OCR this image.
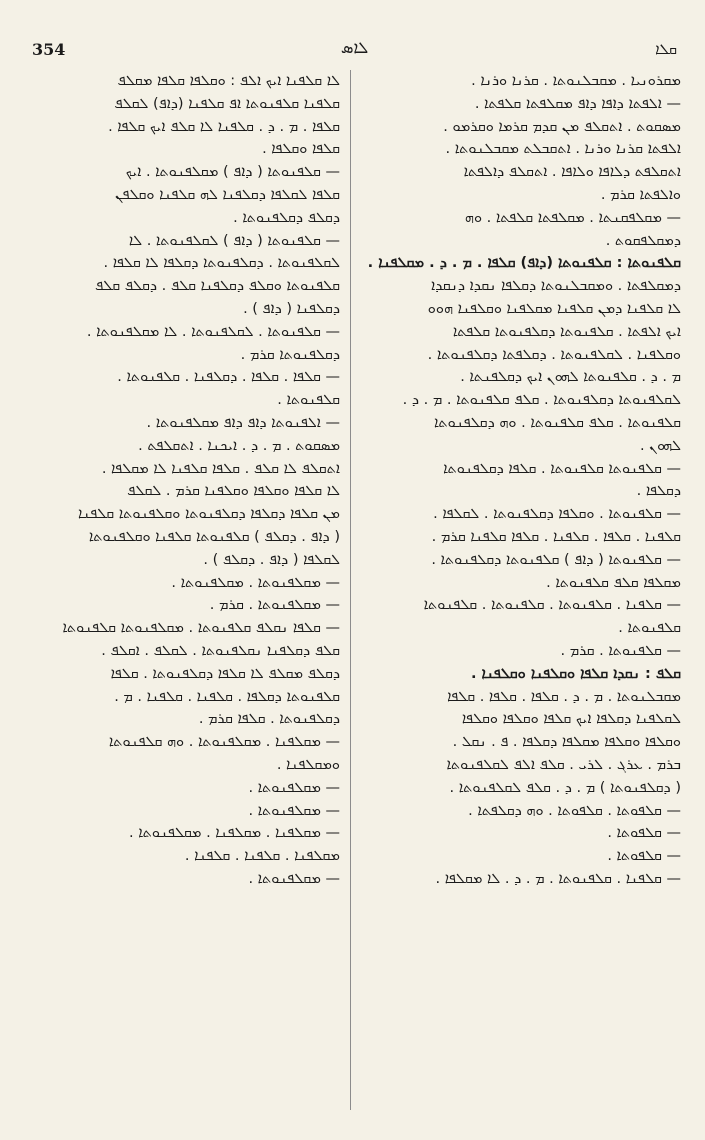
354	ܠܐܣ	ܩܠܐ
ܡܩܪܘܢܝܐ . ܡܩܒܠܢܘܬܐ . ܩܪܢܐ ܘܪܢܐ .
— ܐܠܦܬܐ ܕܐܦܐ ܕܐܦ ܡܩܠܦܬܐ ܩܠܦܬܐ .
ܡܣܩܘܬ . ܐܬܩܠܦ ܡܢ ܩܕܡ ܩܪܡܐ ܘܩܪܡܘ .
ܐܠܦܬܐ ܩܪܢܐ ܘܪܢܐ . ܐܬܩܒܠܬ ܡܩܒܠܢܘܬܐ .
ܐܬܩܠܦܬ ܕܠܐܦܐ ܘܠܐܦܐ . ܐܬܩܠܦ ܕܐܠܦܬܐ
ܘܐܠܦܬܐ ܩܪܡ .
— ܡܩܠܦܩܢܬܐ . ܡܩܠܦܬܐ ܩܠܦܬܐ . ܘܗ
ܕܡܩܠܦܩܘܬ .
ܩܠܦܢܘܬܐ : ܩܠܦܢܘܬܐ (ܕܐܦ) ܩܠܦܐ . ܡ . ܕ . ܡܩܠܦܢܐ .
ܕܡܩܠܦܬܐ . ܘܡܩܒܠܢܘܬܐ ܕܩܠܦܐ ܢܩܕܐ ܕܢܩܕܐ
ܠܐ ܩܠܦܢܐ ܕܡܢ ܩܠܦܢܐ ܡܩܠܦܢܐ ܘܩܠܦܢܐ ܗܘܘ
ܐܝܟ ܐܠܦܬܐ . ܩܠܦܢܘܬܐ ܕܩܠܦܢܘܬܐ ܩܠܦܬܐ
ܘܩܠܦܢܐ . ܠܩܠܦܢܘܬܐ . ܕܩܠܦܬܐ ܕܩܠܦܢܘܬܐ .
ܡ . ܕ . ܩܠܦܢܘܬܐ ܠܗܘܢ ܐܝܟ ܕܩܠܦܢܬܐ .
ܠܩܠܦܢܘܬܐ ܕܩܠܦܢܘܬܐ . ܩܠܦ ܩܠܦܢܘܬܐ . ܡ . ܕ .
ܩܠܦܢܘܬܐ . ܩܠܦ ܩܠܦܢܘܬܐ . ܘܗ ܕܩܠܦܢܘܬܐ
ܠܗܘܢ .
— ܩܠܦܢܘܬܐ ܩܠܦܢܘܬܐ . ܩܠܦܐ ܕܩܠܦܢܘܬܐ
ܕܩܠܦܐ .
— ܩܠܦܢܘܬܐ . ܘܩܠܦܐ ܕܩܠܦܢܘܬܐ . ܠܩܠܦܐ .
ܩܠܦܢܐ . ܩܠܦܐ . ܩܠܦܢܐ . ܩܠܦܐ ܩܠܦܢܐ ܩܪܡ .
— ܩܠܦܢܘܬܐ ( ܕܐܦ ) ܩܠܦܢܘܬܐ ܕܩܠܦܢܘܬܐ .
ܡܩܠܦܐ ܩܠܦ ܩܠܦܢܘܬܐ .
— ܩܠܦܢܐ . ܩܠܦܢܘܬܐ . ܩܠܦܢܘܬܐ . ܩܠܦܢܘܬܐ
ܩܠܦܢܘܬܐ .
— ܩܠܦܢܘܬܐ . ܩܪܡ .
ܩܠܦ : ܢܩܕܐ ܩܠܦܐ ܘܩܠܦܢܐ ܘܩܠܦܢܐ .
ܡܩܒܠܢܘܬܐ . ܡ . ܕ . ܩܠܦܐ . ܩܠܦܐ . ܩܠܦܐ
ܠܩܠܦܢܐ ܕܩܠܦܐ ܐܝܟ ܩܠܦܐ ܘܩܠܦܐ ܘܩܠܦܐ
ܘܩܠܦܐ ܘܩܠܦܐ ܡܩܠܦܐ ܕܩܠܦܐ . ܦ . ܢܩܠ .
ܒܪܡ . ܥܪܓ . ܠܪܝ . ܩܠܦ ܐܠܦ ܠܩܠܦܢܘܬܐ
( ܕܩܠܦܢܘܬܐ ) ܡ . ܕ . ܩܠܦ ܠܩܠܦܢܘܬܐ .
— ܩܠܦܘܬܐ . ܩܠܦܘܬܐ . ܘܗ ܕܩܠܦܬܐ .
— ܩܠܦܘܬܐ .
— ܩܠܦܘܬܐ .
— ܩܠܦܢܐ . ܩܠܦܢܘܬܐ . ܡ . ܕ . ܠܐ ܡܩܠܦܐ .
ܠܐ ܩܠܦܢܐ ܐܝܟ ܐܠܦ : ܘܩܠܦܐ ܩܠܦܐ ܡܩܠܦ
ܩܠܦܢܐ ܩܠܦܢܘܬܐ ܐܦ ܩܠܦܢܐ (ܕܐܦ) ܠܩܠܦ
ܩܠܦܐ . ܡ . ܕ . ܩܠܦܢܐ ܠܐ ܩܠܦ ܐܝܟ ܩܠܦܐ .
ܩܠܦܐ ܘܩܠܦܐ .
— ܩܠܦܢܘܬܐ ( ܕܐܦ ) ܡܩܠܦܢܘܬܐ . ܐܝܟ
ܩܠܦܐ ܠܩܠܦܐ ܕܩܠܦܢܐ ܠܗ ܩܠܦܢܐ ܘܩܠܦܢ
ܕܩܠܦ ܕܩܠܦܢܘܬܐ .
— ܩܠܦܢܘܬܐ ( ܕܐܦ ) ܠܩܠܦܢܘܬܐ . ܠܐ
ܠܩܠܦܢܘܬܐ . ܕܩܠܦܢܘܬܐ ܕܩܠܦܐ ܠܐ ܩܠܦܐ .
ܩܠܦܢܘܬܐ ܘܩܠܦ ܕܩܠܦܢܐ ܩܠܦ . ܕܩܠܦ ܩܠܦ
ܕܩܠܦܢܐ ( ܕܐܦ ) .
— ܩܠܦܢܘܬܐ . ܠܩܠܦܢܘܬܐ . ܠܐ ܡܩܠܦܢܘܬܐ .
ܕܩܠܦܢܘܬܐ ܩܪܡ .
— ܩܠܦܐ . ܩܠܦܐ . ܕܩܠܦܢܐ . ܩܠܦܢܘܬܐ .
ܩܠܦܢܘܬܐ .
— ܐܠܦܢܘܬܐ ܕܐܦ ܕܐܦ ܡܩܠܦܢܘܬܐ .
ܡܣܩܘܬ . ܡ . ܕ . ܐܝܟܢܐ . ܐܬܩܠܦܬ .
ܐܬܩܠܦ ܠܐ ܩܠܦ . ܩܠܦܐ ܩܠܦܢܐ ܠܐ ܡܩܠܦܐ .
ܠܐ ܩܠܦܐ ܘܩܠܦܐ ܘܩܠܦܢܐ ܩܪܡ . ܠܩܠܦ
ܡܢ ܩܠܦܐ ܕܩܠܦܐ ܕܩܠܦܢܘܬܐ ܘܩܠܦܢܘܬܐ ܩܠܦܢܐ
( ܕܐܦ . ܕܩܠܦ ) ܩܠܦܢܘܬܐ ܩܠܦܢܐ ܘܩܠܦܢܘܬܐ
ܠܩܠܦܐ ( ܕܐܦ . ܕܩܠܦ ) .
— ܡܩܠܦܢܘܬܐ . ܡܩܠܦܢܘܬܐ .
— ܡܩܠܦܢܘܬܐ . ܩܪܡ .
— ܩܠܦܐ ܢܩܠܦ ܩܠܦܢܘܬܐ . ܡܩܠܦܢܘܬܐ ܩܠܦܢܘܬܐ
ܩܠܦ ܕܩܠܦܢܐ ܢܩܠܦܢܘܬܐ . ܠܩܠܦ . ܐܩܠܦ .
ܕܩܠܦ ܡܩܠܦ ܠܐ ܩܠܦܐ ܕܩܠܦܢܘܬܐ . ܩܠܦܐ
ܩܠܦܢܘܬܐ ܕܩܠܦܐ . ܩܠܦܢܐ . ܩܠܦܢܐ . ܡ .
ܕܩܠܦܢܘܬܐ . ܩܠܦܐ ܩܪܡ .
— ܡܩܠܦܢܐ . ܡܩܠܦܢܘܬܐ . ܘܗ ܩܠܦܢܘܬܐ
ܘܡܩܠܦܢܐ .
— ܡܩܠܦܢܘܬܐ .
— ܡܩܠܦܢܘܬܐ .
— ܡܩܠܦܢܐ . ܡܩܠܦܢܐ . ܡܩܠܦܢܘܬܐ .
ܡܩܠܦܢܐ . ܩܠܦܢܐ . ܩܠܦܢܐ .
— ܡܩܠܦܢܘܬܐ .
